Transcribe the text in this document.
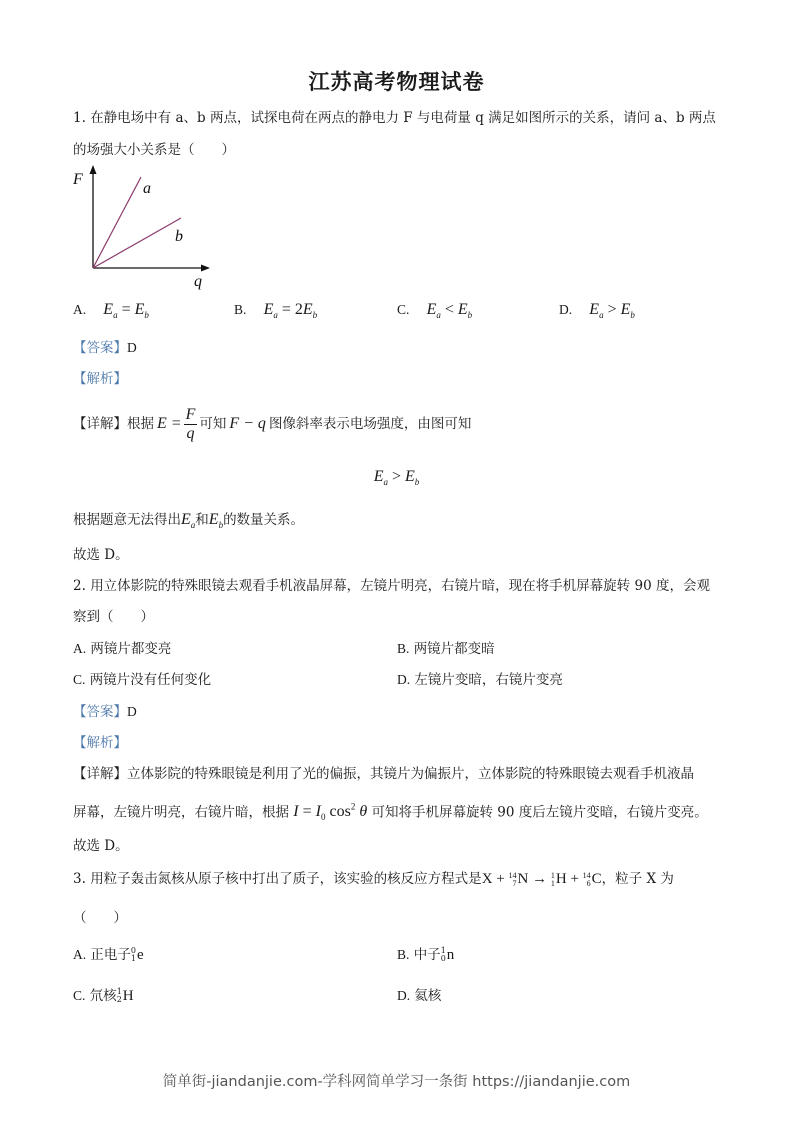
江苏高考物理试卷
1. 在静电场中有 a、b 两点，试探电荷在两点的静电力 F 与电荷量 q 满足如图所示的关系，请问 a、b 两点
的场强大小关系是（　　）
F
a
b
q
A. $E_a = E_b$	B. $E_a = 2E_b$	C. $E_a < E_b$	D. $E_a > E_b$
【答案】D
【解析】
【详解】 根据 $E = \frac{F}{q}$ 可知 F − q 图像斜率表示电场强度，由图可知
$E_a > E_b$
根据题意无法得出$E_a$和$E_b$的数量关系。
故选 D。
2. 用立体影院的特殊眼镜去观看手机液晶屏幕，左镜片明亮，右镜片暗，现在将手机屏幕旋转 90 度，会观
察到（　　）
A. 两镜片都变亮	B. 两镜片都变暗
C. 两镜片没有任何变化	D. 左镜片变暗，右镜片变亮
【答案】D
【解析】
【详解】立体影院的特殊眼镜是利用了光的偏振，其镜片为偏振片，立体影院的特殊眼镜去观看手机液晶
屏幕，左镜片明亮，右镜片暗，根据 $I = I_0$ $\cos^2 \theta$ 可知将手机屏幕旋转 90 度后左镜片变暗，右镜片变亮。
故选 D。
3.
用粒子轰击氮核从原子核中打出了质子，该实验的核反应方程式是 X + 14
7 N → 1
1 H + 14
6 C ，粒子 X 为
（　　）
A.
正电子 0
1 e	B.
中子 1
0 n
C.
氘核 1
2 H	D. 氦核
简单街-jiandanjie.com-学科网简单学习一条街 https://jiandanjie.com
